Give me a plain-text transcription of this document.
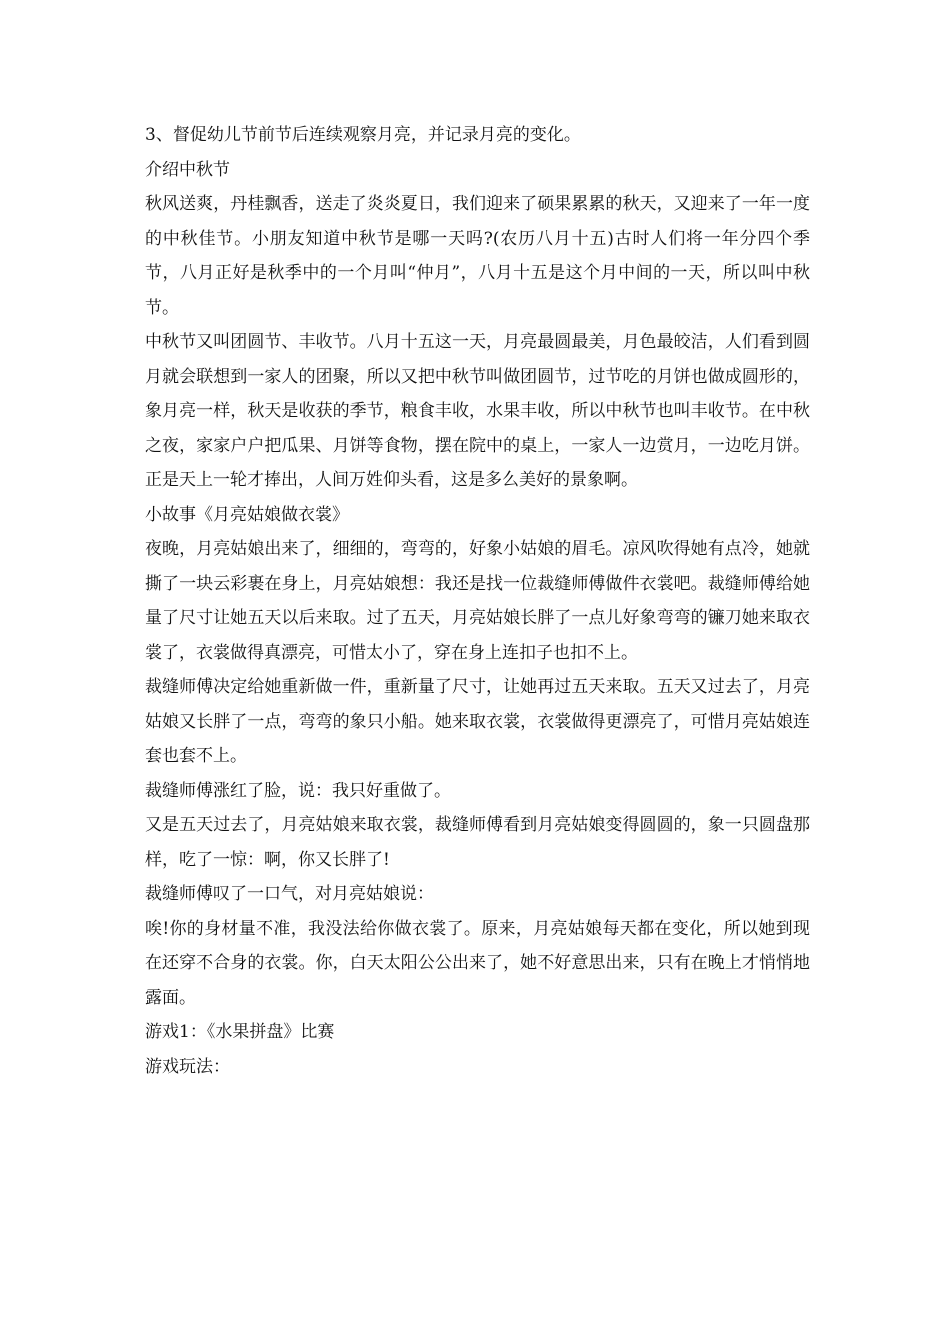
3、督促幼儿节前节后连续观察月亮，并记录月亮的变化。

介绍中秋节

秋风送爽，丹桂飘香，送走了炎炎夏日，我们迎来了硕果累累的秋天，又迎来了一年一度的中秋佳节。小朋友知道中秋节是哪一天吗?(农历八月十五)古时人们将一年分四个季节，八月正好是秋季中的一个月叫“仲月”，八月十五是这个月中间的一天，所以叫中秋节。

中秋节又叫团圆节、丰收节。八月十五这一天，月亮最圆最美，月色最皎洁，人们看到圆月就会联想到一家人的团聚，所以又把中秋节叫做团圆节，过节吃的月饼也做成圆形的，象月亮一样，秋天是收获的季节，粮食丰收，水果丰收，所以中秋节也叫丰收节。在中秋之夜，家家户户把瓜果、月饼等食物，摆在院中的桌上，一家人一边赏月，一边吃月饼。正是天上一轮才捧出，人间万姓仰头看，这是多么美好的景象啊。

小故事《月亮姑娘做衣裳》

夜晚，月亮姑娘出来了，细细的，弯弯的，好象小姑娘的眉毛。凉风吹得她有点冷，她就撕了一块云彩裹在身上，月亮姑娘想：我还是找一位裁缝师傅做件衣裳吧。裁缝师傅给她量了尺寸让她五天以后来取。过了五天，月亮姑娘长胖了一点儿好象弯弯的镰刀她来取衣裳了，衣裳做得真漂亮，可惜太小了，穿在身上连扣子也扣不上。

裁缝师傅决定给她重新做一件，重新量了尺寸，让她再过五天来取。五天又过去了，月亮姑娘又长胖了一点，弯弯的象只小船。她来取衣裳，衣裳做得更漂亮了，可惜月亮姑娘连套也套不上。

裁缝师傅涨红了脸，说：我只好重做了。

又是五天过去了，月亮姑娘来取衣裳，裁缝师傅看到月亮姑娘变得圆圆的，象一只圆盘那样，吃了一惊：啊，你又长胖了!

裁缝师傅叹了一口气，对月亮姑娘说：

唉!你的身材量不准，我没法给你做衣裳了。原来，月亮姑娘每天都在变化，所以她到现在还穿不合身的衣裳。你，白天太阳公公出来了，她不好意思出来，只有在晚上才悄悄地露面。

游戏1：《水果拼盘》比赛

游戏玩法：
